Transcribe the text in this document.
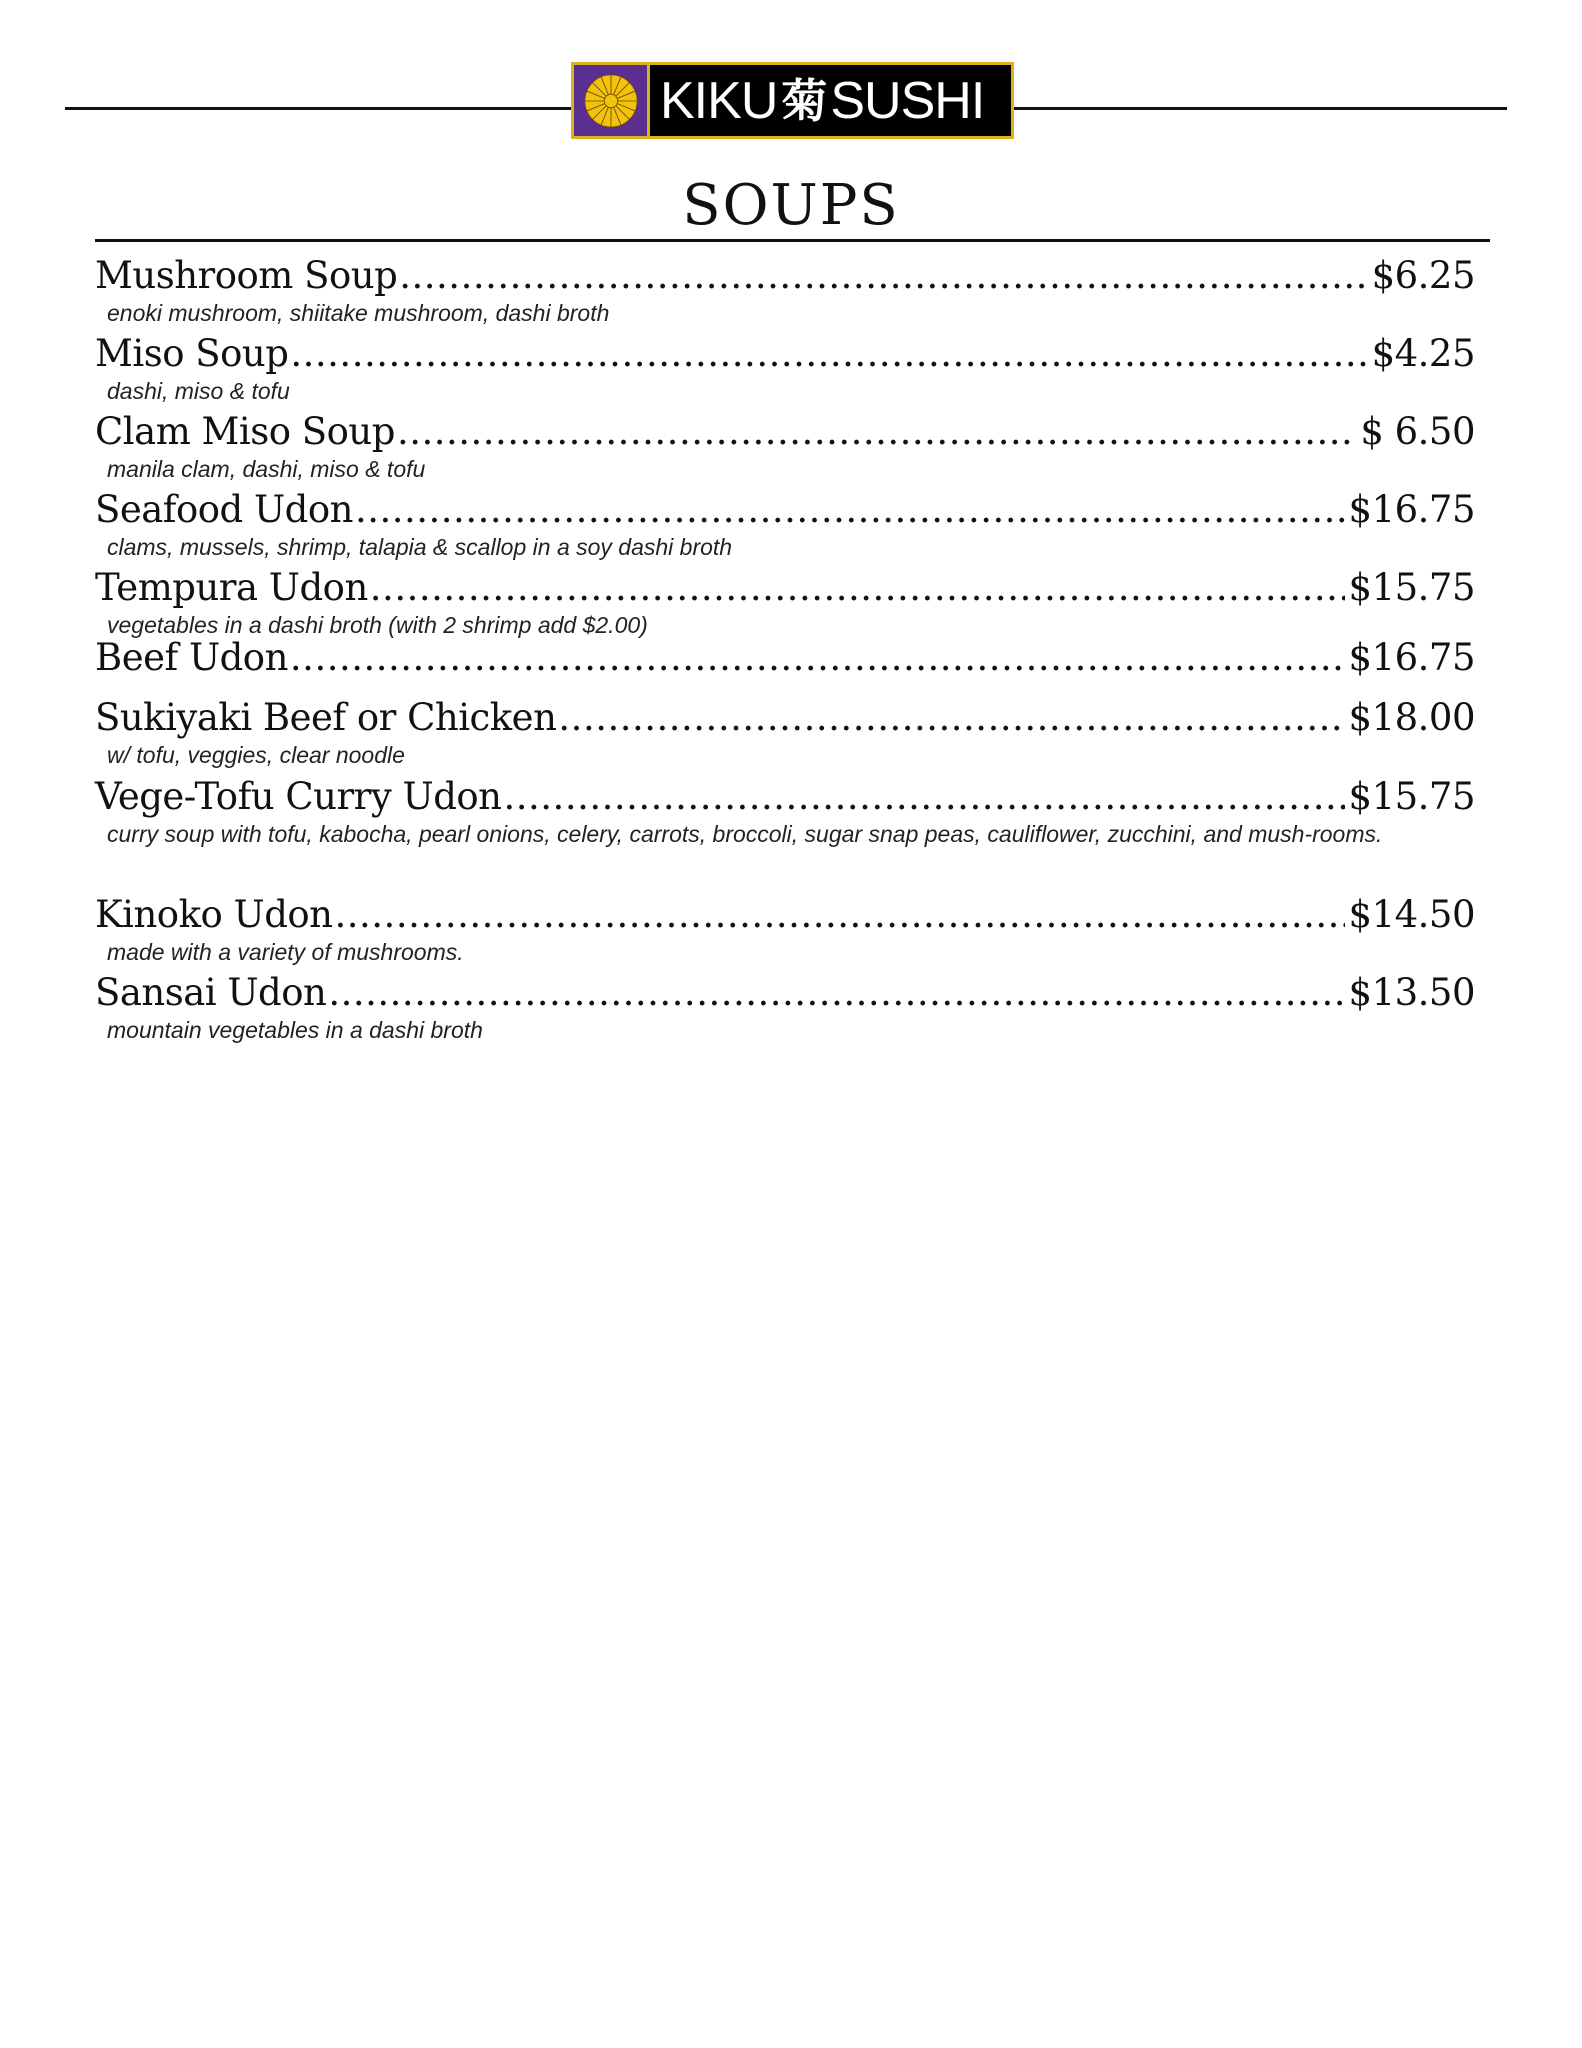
KIKU 菊 SUSHI
SOUPS
Mushroom Soup .....	$6.25

enoki mushroom, shiitake mushroom, dashi broth

Miso Soup .....	$4.25

dashi, miso & tofu

Clam Miso Soup .....	$ 6.50

manila clam, dashi, miso & tofu

Seafood Udon .....	$16.75

clams, mussels, shrimp, talapia & scallop in a soy dashi broth

Tempura Udon .....	$15.75

vegetables in a dashi broth (with 2 shrimp add $2.00)

Beef Udon .....	$16.75
Sukiyaki Beef or Chicken .....	$18.00

w/ tofu, veggies, clear noodle

Vege-Tofu Curry Udon .....	$15.75

curry soup with tofu, kabocha, pearl onions, celery, carrots, broccoli, sugar snap peas, cauliflower, zucchini, and mush-rooms.

Kinoko Udon .....	$14.50

made with a variety of mushrooms.

Sansai Udon .....	$13.50

mountain vegetables in a dashi broth
